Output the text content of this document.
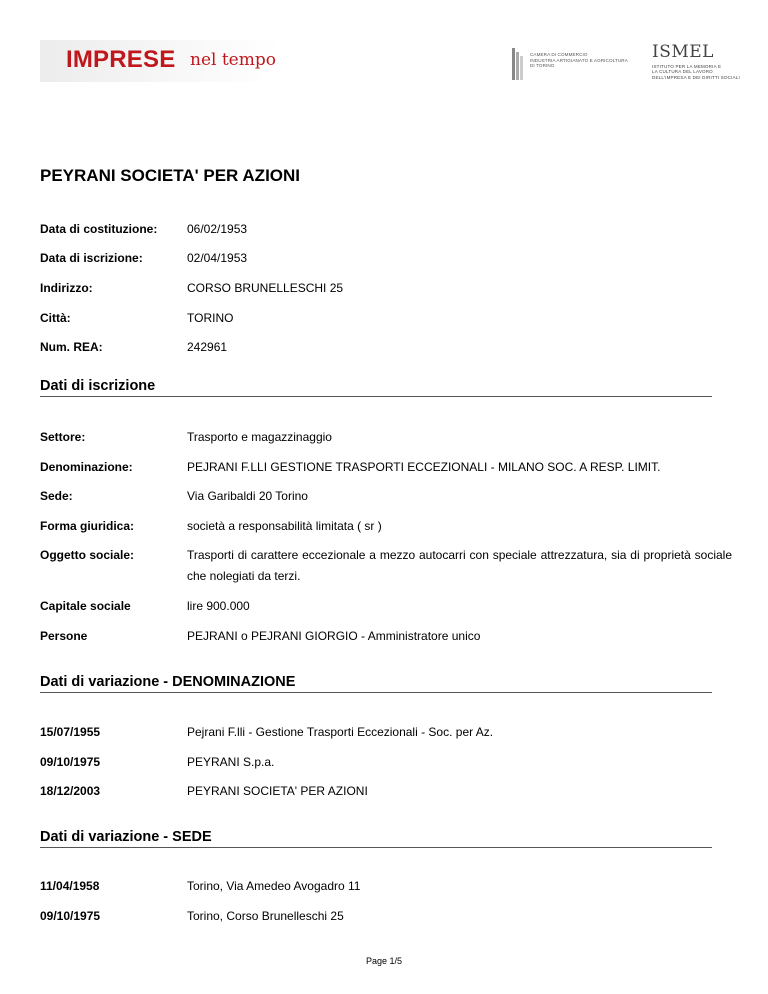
IMPRESE nel tempo	CAMERA DI COMMERCIO
INDUSTRIA ARTIGIANATO E AGRICOLTURA
DI TORINO
ISMEL
ISTITUTO PER LA MEMORIA E
LA CULTURA DEL LAVORO
DELL'IMPRESA E DEI DIRITTI SOCIALI
PEYRANI SOCIETA' PER AZIONI
Data di costituzione:	06/02/1953
Data di iscrizione:	02/04/1953
Indirizzo:	CORSO BRUNELLESCHI 25
Città:	TORINO
Num. REA:	242961
Dati di iscrizione
Settore:	Trasporto e magazzinaggio
Denominazione:	PEJRANI F.LLI GESTIONE TRASPORTI ECCEZIONALI - MILANO SOC. A RESP. LIMIT.
Sede:	Via Garibaldi 20 Torino
Forma giuridica:	società a responsabilità limitata ( sr )
Oggetto sociale:	Trasporti di carattere eccezionale a mezzo autocarri con speciale attrezzatura, sia di proprietà sociale che nolegiati da terzi.
Capitale sociale	lire 900.000
Persone	PEJRANI o PEJRANI GIORGIO - Amministratore unico
Dati di variazione - DENOMINAZIONE
15/07/1955	Pejrani F.lli - Gestione Trasporti Eccezionali - Soc. per Az.
09/10/1975	PEYRANI S.p.a.
18/12/2003	PEYRANI SOCIETA' PER AZIONI
Dati di variazione - SEDE
11/04/1958	Torino, Via Amedeo Avogadro 11
09/10/1975	Torino, Corso Brunelleschi 25
Page 1/5
